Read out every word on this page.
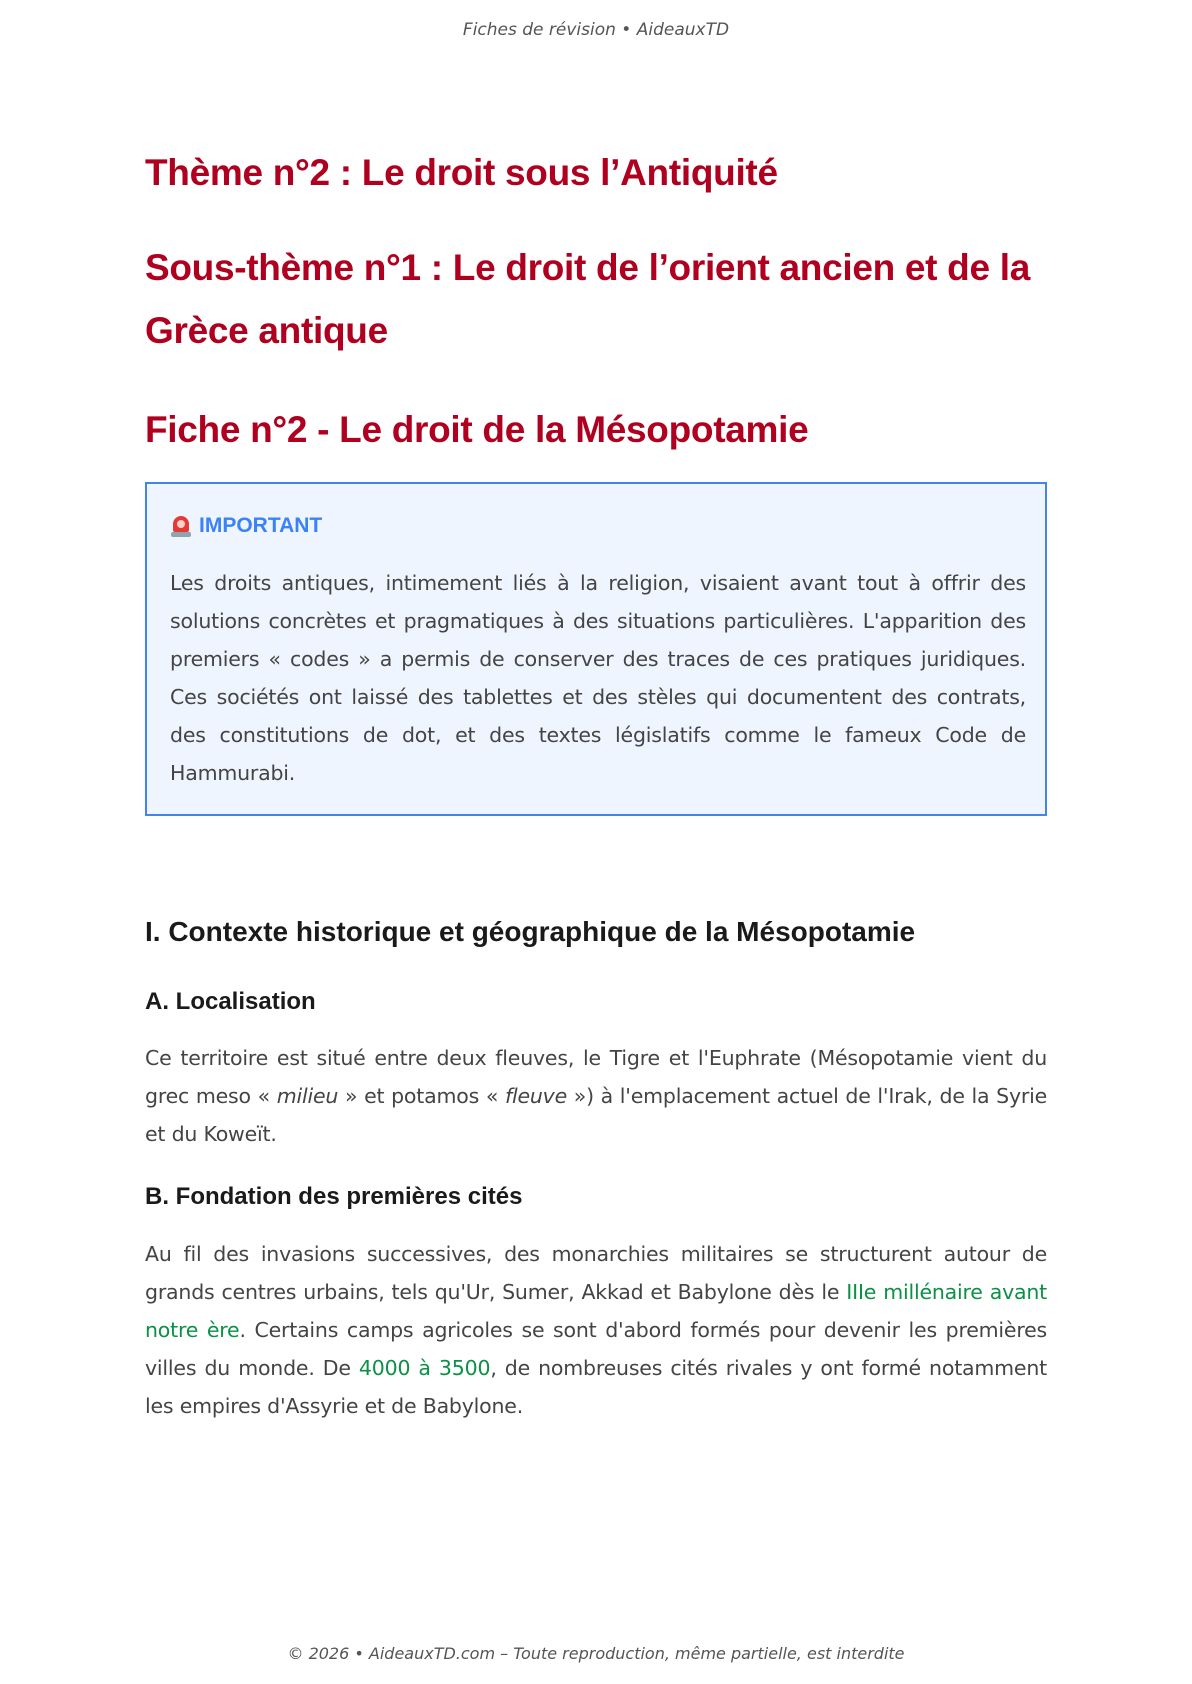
Fiches de révision • AideauxTD
Thème n°2 : Le droit sous l’Antiquité
Sous-thème n°1 : Le droit de l’orient ancien et de la Grèce antique
Fiche n°2 - Le droit de la Mésopotamie
IMPORTANT
Les droits antiques, intimement liés à la religion, visaient avant tout à offrir des solutions concrètes et pragmatiques à des situations particulières. L'apparition des premiers « codes » a permis de conserver des traces de ces pratiques juridiques. Ces sociétés ont laissé des tablettes et des stèles qui documentent des contrats, des constitutions de dot, et des textes législatifs comme le fameux Code de Hammurabi.
I. Contexte historique et géographique de la Mésopotamie
A. Localisation

Ce territoire est situé entre deux fleuves, le Tigre et l'Euphrate (Mésopotamie vient du grec meso « milieu » et potamos « fleuve ») à l'emplacement actuel de l'Irak, de la Syrie et du Koweït.

B. Fondation des premières cités

Au fil des invasions successives, des monarchies militaires se structurent autour de grands centres urbains, tels qu'Ur, Sumer, Akkad et Babylone dès le IIIe millénaire avant notre ère. Certains camps agricoles se sont d'abord formés pour devenir les premières villes du monde. De 4000 à 3500, de nombreuses cités rivales y ont formé notamment les empires d'Assyrie et de Babylone.

© 2026 • AideauxTD.com – Toute reproduction, même partielle, est interdite
